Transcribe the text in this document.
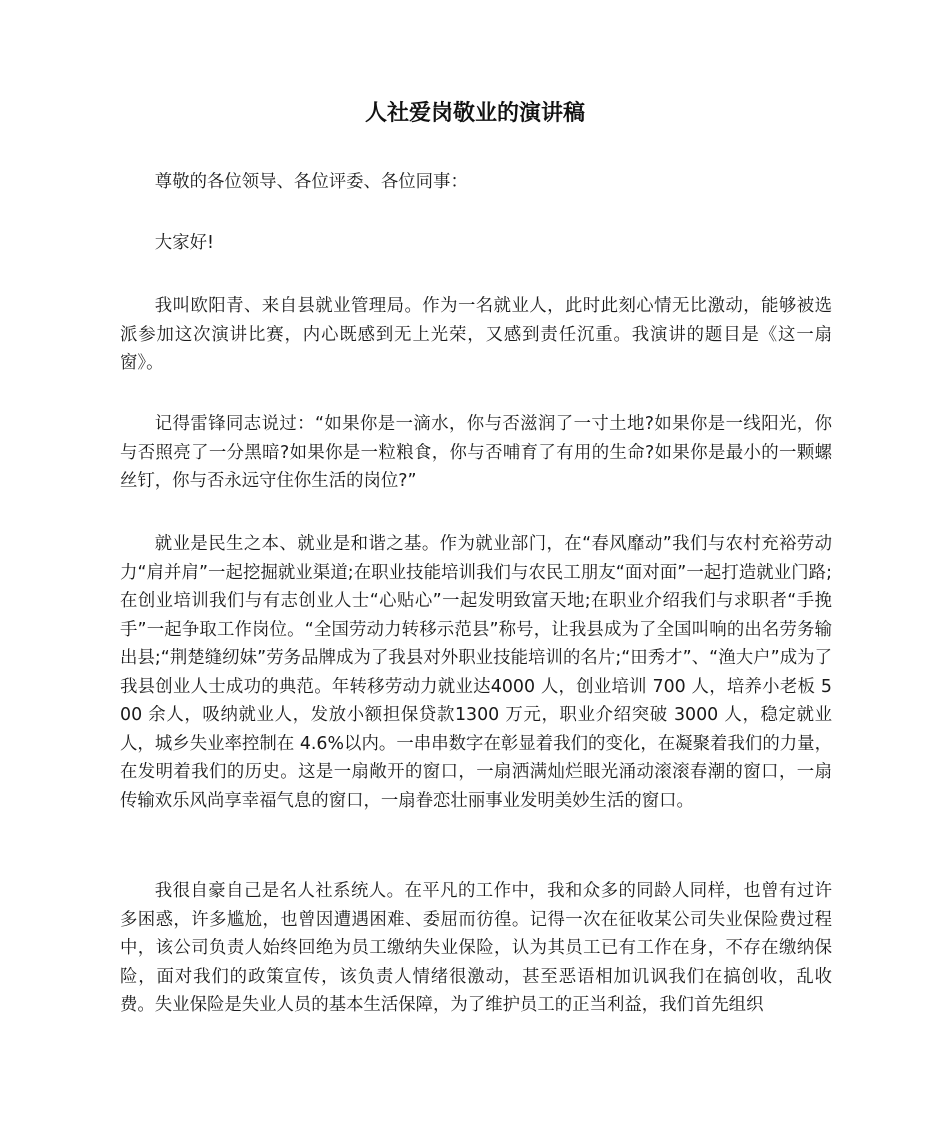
人社爱岗敬业的演讲稿

尊敬的各位领导、各位评委、各位同事：

大家好!

我叫欧阳青、来自县就业管理局。作为一名就业人，此时此刻心情无比激动，能够被选派参加这次演讲比赛，内心既感到无上光荣，又感到责任沉重。我演讲的题目是《这一扇窗》。

记得雷锋同志说过：“如果你是一滴水，你与否滋润了一寸土地?如果你是一线阳光，你与否照亮了一分黑暗?如果你是一粒粮食，你与否哺育了有用的生命?如果你是最小的一颗螺丝钉，你与否永远守住你生活的岗位?”

就业是民生之本、就业是和谐之基。作为就业部门，在“春风靡动”我们与农村充裕劳动力“肩并肩”一起挖掘就业渠道;在职业技能培训我们与农民工朋友“面对面”一起打造就业门路;在创业培训我们与有志创业人士“心贴心”一起发明致富天地;在职业介绍我们与求职者“手挽手”一起争取工作岗位。“全国劳动力转移示范县”称号，让我县成为了全国叫响的出名劳务输出县;“荆楚缝纫妹”劳务品牌成为了我县对外职业技能培训的名片;“田秀才”、“渔大户”成为了我县创业人士成功的典范。年转移劳动力就业达4000 人，创业培训 700 人，培养小老板 500 余人，吸纳就业人，发放小额担保贷款1300 万元，职业介绍突破 3000 人，稳定就业人，城乡失业率控制在 4.6%以内。一串串数字在彰显着我们的变化，在凝聚着我们的力量，在发明着我们的历史。这是一扇敞开的窗口，一扇洒满灿烂眼光涌动滚滚春潮的窗口，一扇传输欢乐风尚享幸福气息的窗口，一扇眷恋壮丽事业发明美妙生活的窗口。

我很自豪自己是名人社系统人。在平凡的工作中，我和众多的同龄人同样，也曾有过许多困惑，许多尴尬，也曾因遭遇困难、委屈而彷徨。记得一次在征收某公司失业保险费过程中，该公司负责人始终回绝为员工缴纳失业保险，认为其员工已有工作在身，不存在缴纳保险，面对我们的政策宣传，该负责人情绪很激动，甚至恶语相加讥讽我们在搞创收，乱收费。失业保险是失业人员的基本生活保障，为了维护员工的正当利益，我们首先组织
